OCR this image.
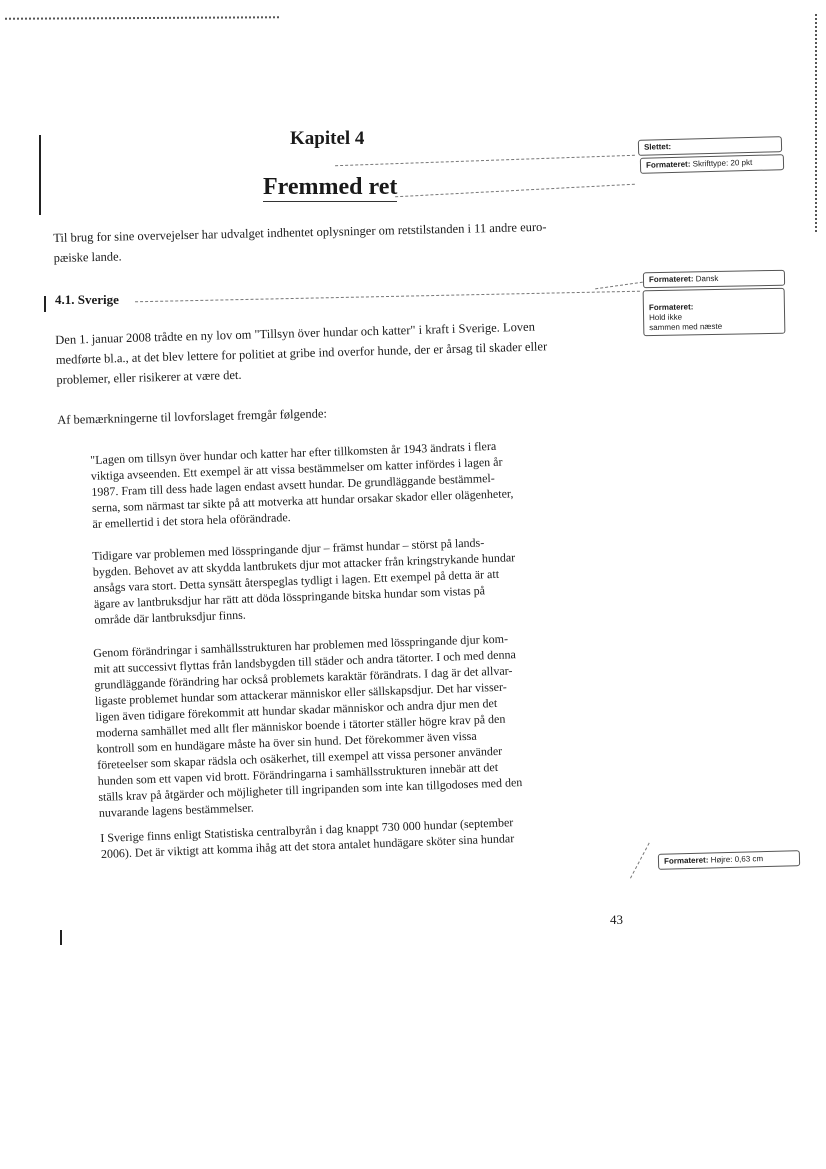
Kapitel 4
Fremmed ret
Til brug for sine overvejelser har udvalget indhentet oplysninger om retstilstanden i 11 andre euro-
pæiske lande.
4.1. Sverige
Den 1. januar 2008 trådte en ny lov om "Tillsyn över hundar och katter" i kraft i Sverige. Loven
medførte bl.a., at det blev lettere for politiet at gribe ind overfor hunde, der er årsag til skader eller
problemer, eller risikerer at være det.
Af bemærkningerne til lovforslaget fremgår følgende:
"Lagen om tillsyn över hundar och katter har efter tillkomsten år 1943 ändrats i flera
viktiga avseenden. Ett exempel är att vissa bestämmelser om katter infördes i lagen år
1987. Fram till dess hade lagen endast avsett hundar. De grundläggande bestämmel-
serna, som närmast tar sikte på att motverka att hundar orsakar skador eller olägenheter,
är emellertid i det stora hela oförändrade.
Tidigare var problemen med lösspringande djur – främst hundar – störst på lands-
bygden. Behovet av att skydda lantbrukets djur mot attacker från kringstrykande hundar
ansågs vara stort. Detta synsätt återspeglas tydligt i lagen. Ett exempel på detta är att
ägare av lantbruksdjur har rätt att döda lösspringande bitska hundar som vistas på
område där lantbruksdjur finns.
Genom förändringar i samhällsstrukturen har problemen med lösspringande djur kom-
mit att successivt flyttas från landsbygden till städer och andra tätorter. I och med denna
grundläggande förändring har också problemets karaktär förändrats. I dag är det allvar-
ligaste problemet hundar som attackerar människor eller sällskapsdjur. Det har visser-
ligen även tidigare förekommit att hundar skadar människor och andra djur men det
moderna samhället med allt fler människor boende i tätorter ställer högre krav på den
kontroll som en hundägare måste ha över sin hund. Det förekommer även vissa
företeelser som skapar rädsla och osäkerhet, till exempel att vissa personer använder
hunden som ett vapen vid brott. Förändringarna i samhällsstrukturen innebär att det
ställs krav på åtgärder och möjligheter till ingripanden som inte kan tillgodoses med den
nuvarande lagens bestämmelser.
I Sverige finns enligt Statistiska centralbyrån i dag knappt 730 000 hundar (september
2006). Det är viktigt att komma ihåg att det stora antalet hundägare sköter sina hundar
Slettet:
Formateret: Skrifttype: 20 pkt
Formateret: Dansk

Formateret:
Hold ikke
sammen med næste

Formateret: Højre: 0,63 cm
43
